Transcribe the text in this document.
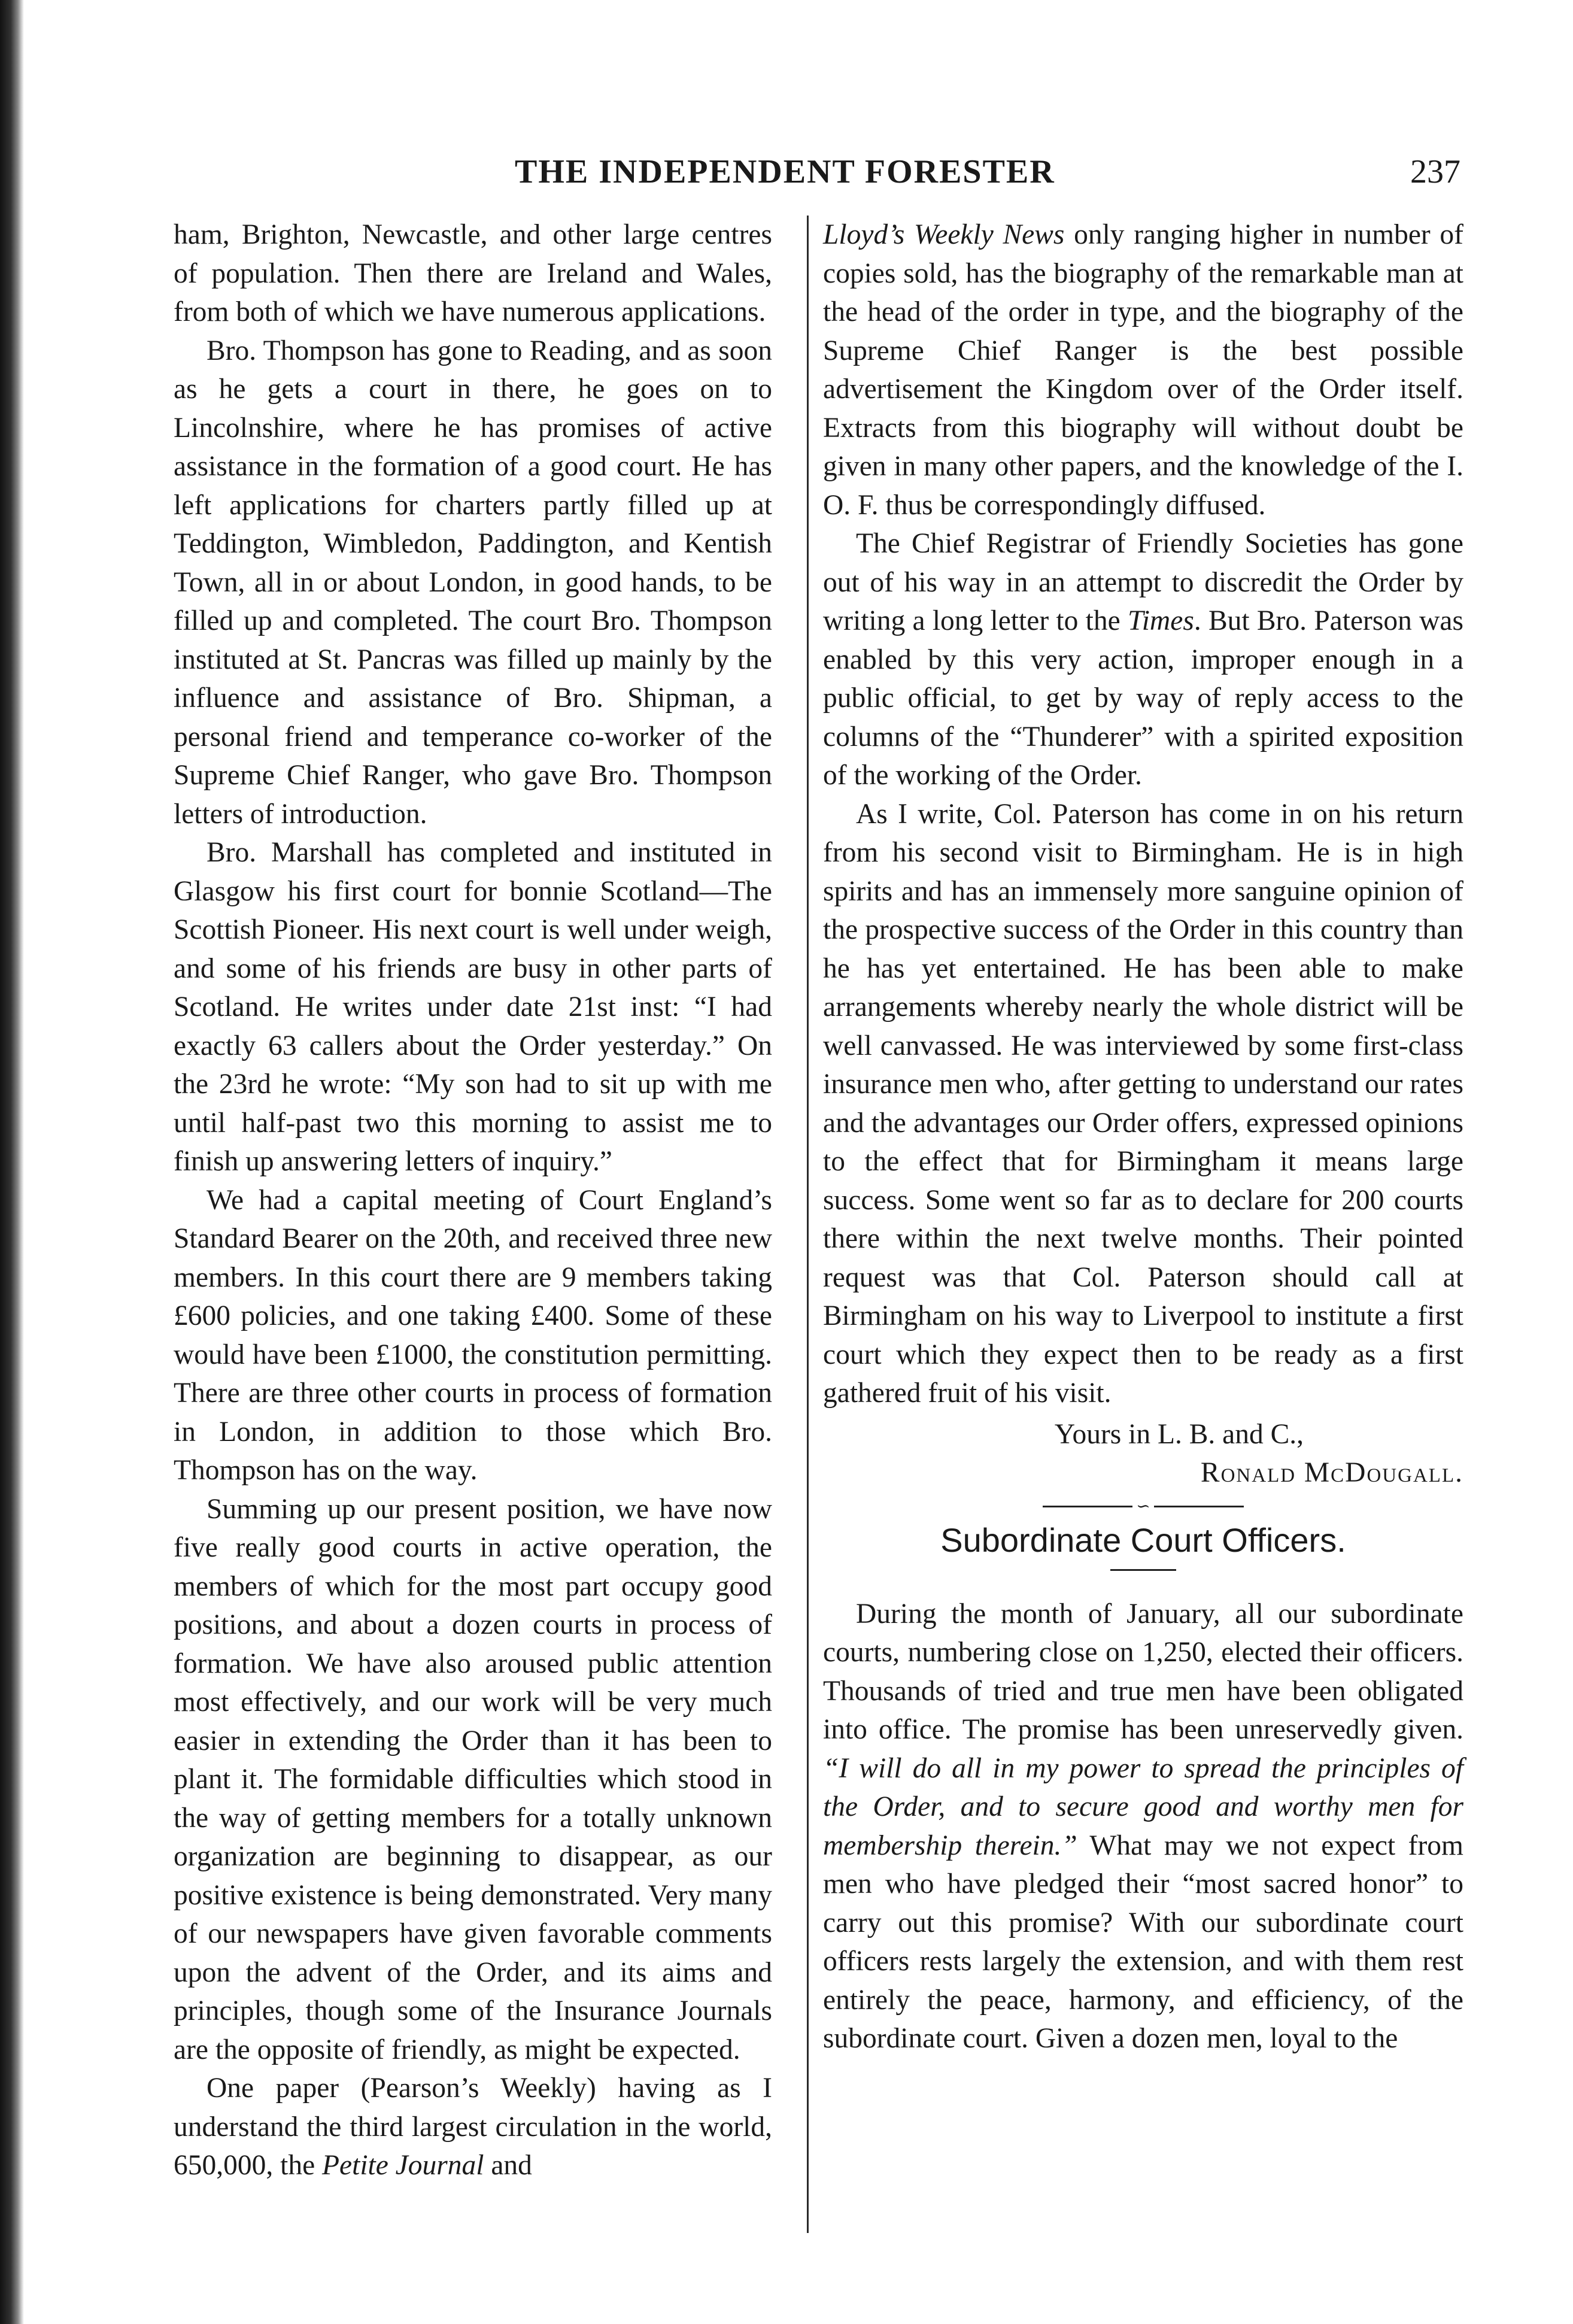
THE INDEPENDENT FORESTER	237

ham, Brighton, Newcastle, and other large centres of population. Then there are Ireland and Wales, from both of which we have numerous applications.

Bro. Thompson has gone to Reading, and as soon as he gets a court in there, he goes on to Lincolnshire, where he has promises of active assistance in the formation of a good court. He has left applications for charters partly filled up at Teddington, Wimbledon, Paddington, and Kentish Town, all in or about London, in good hands, to be filled up and completed. The court Bro. Thompson instituted at St. Pancras was filled up mainly by the influence and assistance of Bro. Shipman, a personal friend and temperance co-worker of the Supreme Chief Ranger, who gave Bro. Thompson letters of introduction.

Bro. Marshall has completed and instituted in Glasgow his first court for bonnie Scotland—The Scottish Pioneer. His next court is well under weigh, and some of his friends are busy in other parts of Scotland. He writes under date 21st inst: “I had exactly 63 callers about the Order yesterday.” On the 23rd he wrote: “My son had to sit up with me until half-past two this morning to assist me to finish up answering letters of inquiry.”

We had a capital meeting of Court England’s Standard Bearer on the 20th, and received three new members. In this court there are 9 members taking £600 policies, and one taking £400. Some of these would have been £1000, the constitution permitting. There are three other courts in process of formation in London, in addition to those which Bro. Thompson has on the way.

Summing up our present position, we have now five really good courts in active operation, the members of which for the most part occupy good positions, and about a dozen courts in process of formation. We have also aroused public attention most effectively, and our work will be very much easier in extending the Order than it has been to plant it. The formidable difficulties which stood in the way of getting members for a totally unknown organization are beginning to disappear, as our positive existence is being demonstrated. Very many of our newspapers have given favorable comments upon the advent of the Order, and its aims and principles, though some of the Insurance Journals are the opposite of friendly, as might be expected.

One paper (Pearson’s Weekly) having as I understand the third largest circulation in the world, 650,000, the Petite Journal and

Lloyd’s Weekly News only ranging higher in number of copies sold, has the biography of the remarkable man at the head of the order in type, and the biography of the Supreme Chief Ranger is the best possible advertisement the Kingdom over of the Order itself. Extracts from this biography will without doubt be given in many other papers, and the knowledge of the I. O. F. thus be correspondingly diffused.

The Chief Registrar of Friendly Societies has gone out of his way in an attempt to discredit the Order by writing a long letter to the Times. But Bro. Paterson was enabled by this very action, improper enough in a public official, to get by way of reply access to the columns of the “Thunderer” with a spirited exposition of the working of the Order.

As I write, Col. Paterson has come in on his return from his second visit to Birmingham. He is in high spirits and has an immensely more sanguine opinion of the prospective success of the Order in this country than he has yet entertained. He has been able to make arrangements whereby nearly the whole district will be well canvassed. He was interviewed by some first-class insurance men who, after getting to understand our rates and the advantages our Order offers, expressed opinions to the effect that for Birmingham it means large success. Some went so far as to declare for 200 courts there within the next twelve months. Their pointed request was that Col. Paterson should call at Birmingham on his way to Liverpool to institute a first court which they expect then to be ready as a first gathered fruit of his visit.

Yours in L. B. and C.,
Ronald McDougall.
∽
Subordinate Court Officers.

During the month of January, all our subordinate courts, numbering close on 1,250, elected their officers. Thousands of tried and true men have been obligated into office. The promise has been unreservedly given. “I will do all in my power to spread the principles of the Order, and to secure good and worthy men for membership therein.” What may we not expect from men who have pledged their “most sacred honor” to carry out this promise? With our subordinate court officers rests largely the extension, and with them rest entirely the peace, harmony, and efficiency, of the subordinate court. Given a dozen men, loyal to the
